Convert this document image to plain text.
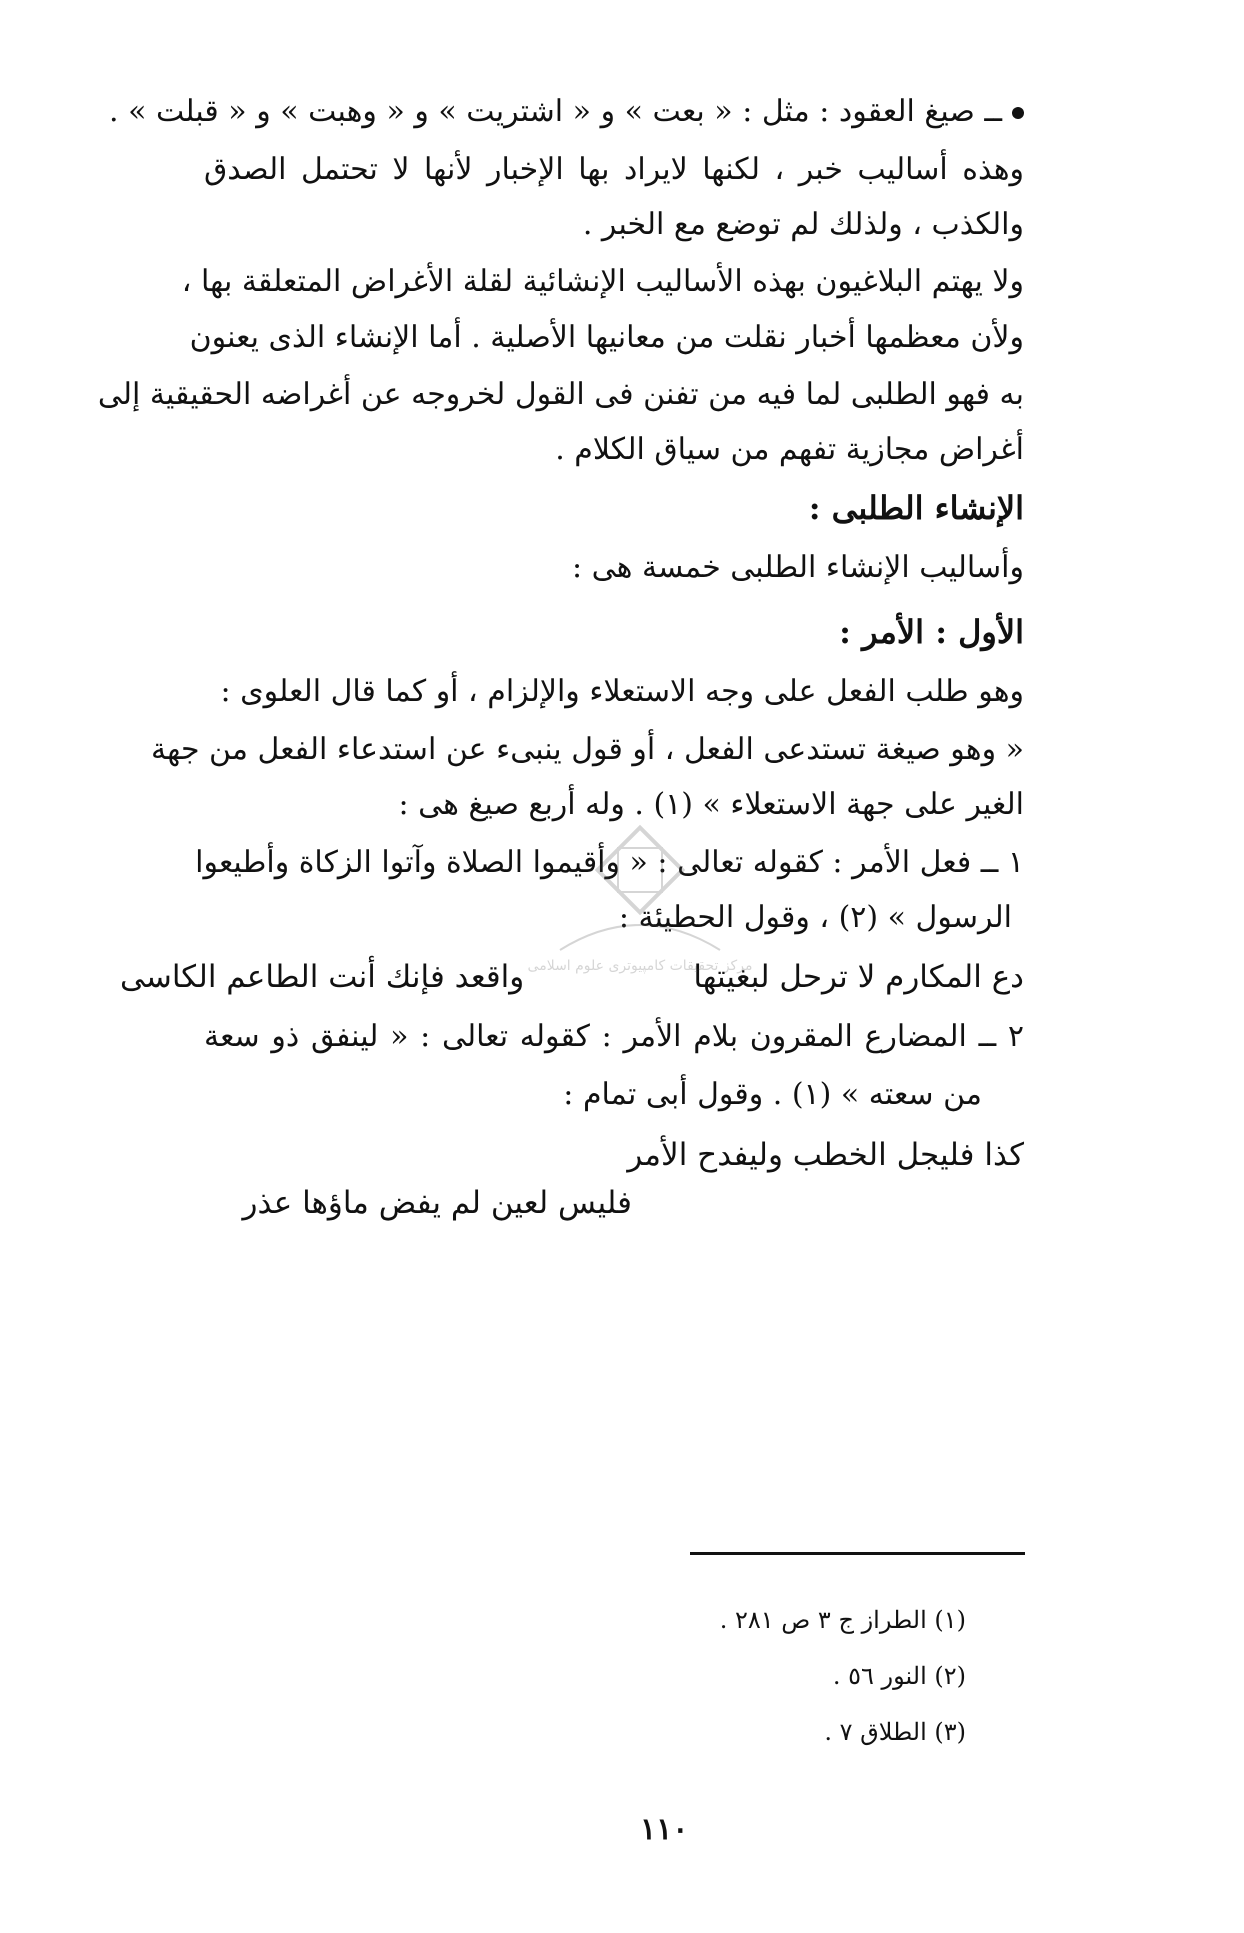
ــ صيغ العقود : مثل : « بعت » و « اشتريت » و « وهبت » و « قبلت » .
وهذه أساليب خبر ، لكنها لايراد بها الإخبار لأنها لا تحتمل الصدق
والكذب ، ولذلك لم توضع مع الخبر .
ولا يهتم البلاغيون بهذه الأساليب الإنشائية لقلة الأغراض المتعلقة بها ،
ولأن معظمها أخبار نقلت من معانيها الأصلية . أما الإنشاء الذى يعنون
به فهو الطلبى لما فيه من تفنن فى القول لخروجه عن أغراضه الحقيقية إلى
أغراض مجازية تفهم من سياق الكلام .
الإنشاء الطلبى :
وأساليب الإنشاء الطلبى خمسة هى :
الأول : الأمر :
وهو طلب الفعل على وجه الاستعلاء والإلزام ، أو كما قال العلوى :
« وهو صيغة تستدعى الفعل ، أو قول ينبىء عن استدعاء الفعل من جهة
الغير على جهة الاستعلاء » (١) . وله أربع صيغ هى :
١ ــ فعل الأمر : كقوله تعالى : « وأقيموا الصلاة وآتوا الزكاة وأطيعوا
الرسول » (٢) ، وقول الحطيئة :
دع المكارم لا ترحل لبغيتها
واقعد فإنك أنت الطاعم الكاسى
٢ ــ المضارع المقرون بلام الأمر : كقوله تعالى : « لينفق ذو سعة
من سعته » (١) . وقول أبى تمام :
كذا فليجل الخطب وليفدح الأمر
فليس لعين لم يفض ماؤها عذر
(١) الطراز ج ٣ ص ٢٨١ .
(٢) النور ٥٦ .
(٣) الطلاق ٧ .
١١٠
مركز تحقيقات كامپيوترى علوم اسلامى
